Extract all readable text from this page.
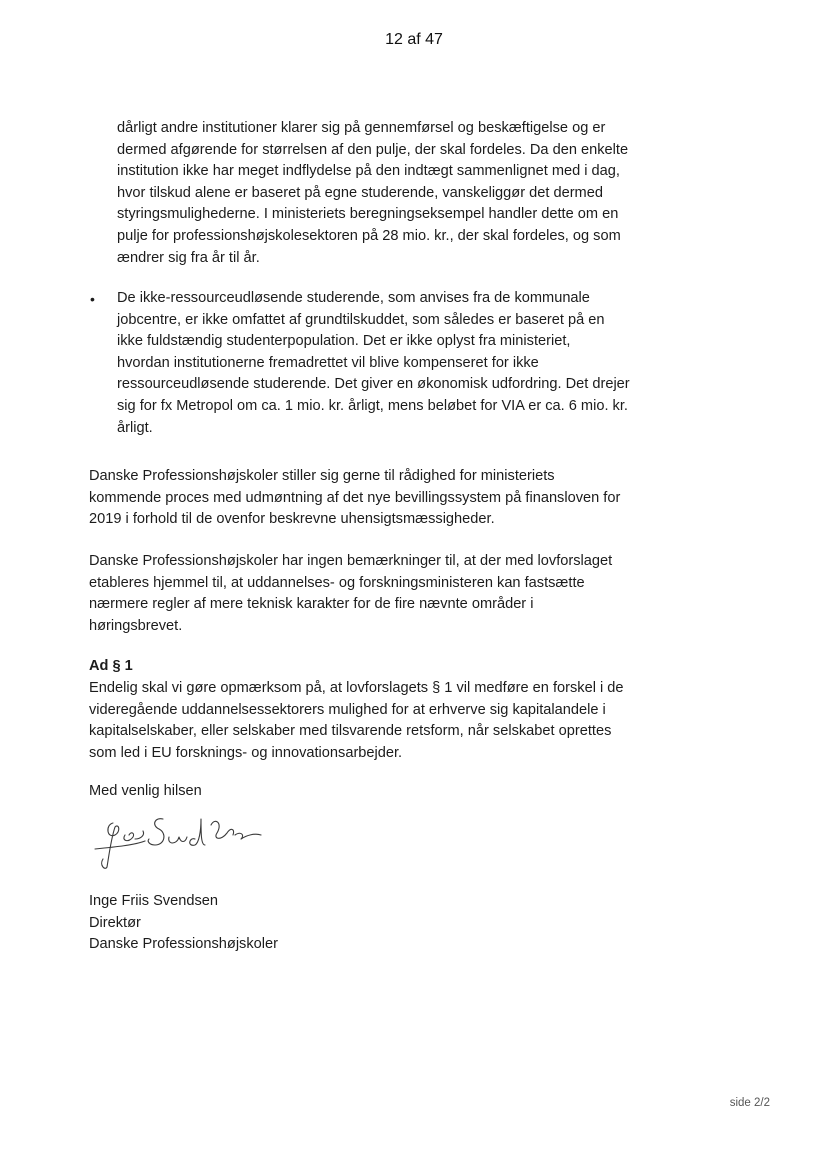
12 af 47

dårligt andre institutioner klarer sig på gennemførsel og beskæftigelse og er

dermed afgørende for størrelsen af den pulje, der skal fordeles. Da den enkelte

institution ikke har meget indflydelse på den indtægt sammenlignet med i dag,

hvor tilskud alene er baseret på egne studerende, vanskeliggør det dermed

styringsmulighederne. I ministeriets beregningseksempel handler dette om en

pulje for professionshøjskolesektoren på 28 mio. kr., der skal fordeles, og som

ændrer sig fra år til år.

• De ikke-ressourceudløsende studerende, som anvises fra de kommunale

jobcentre, er ikke omfattet af grundtilskuddet, som således er baseret på en

ikke fuldstændig studenterpopulation. Det er ikke oplyst fra ministeriet,

hvordan institutionerne fremadrettet vil blive kompenseret for ikke

ressourceudløsende studerende. Det giver en økonomisk udfordring. Det drejer

sig for fx Metropol om ca. 1 mio. kr. årligt, mens beløbet for VIA er ca. 6 mio. kr.

årligt.

Danske Professionshøjskoler stiller sig gerne til rådighed for ministeriets

kommende proces med udmøntning af det nye bevillingssystem på finansloven for

2019 i forhold til de ovenfor beskrevne uhensigtsmæssigheder.

Danske Professionshøjskoler har ingen bemærkninger til, at der med lovforslaget

etableres hjemmel til, at uddannelses- og forskningsministeren kan fastsætte

nærmere regler af mere teknisk karakter for de fire nævnte områder i

høringsbrevet.

Ad § 1

Endelig skal vi gøre opmærksom på, at lovforslagets § 1 vil medføre en forskel i de

videregående uddannelsessektorers mulighed for at erhverve sig kapitalandele i

kapitalselskaber, eller selskaber med tilsvarende retsform, når selskabet oprettes

som led i EU forsknings- og innovationsarbejder.

Med venlig hilsen

Inge Friis Svendsen

Direktør

Danske Professionshøjskoler

side 2/2
